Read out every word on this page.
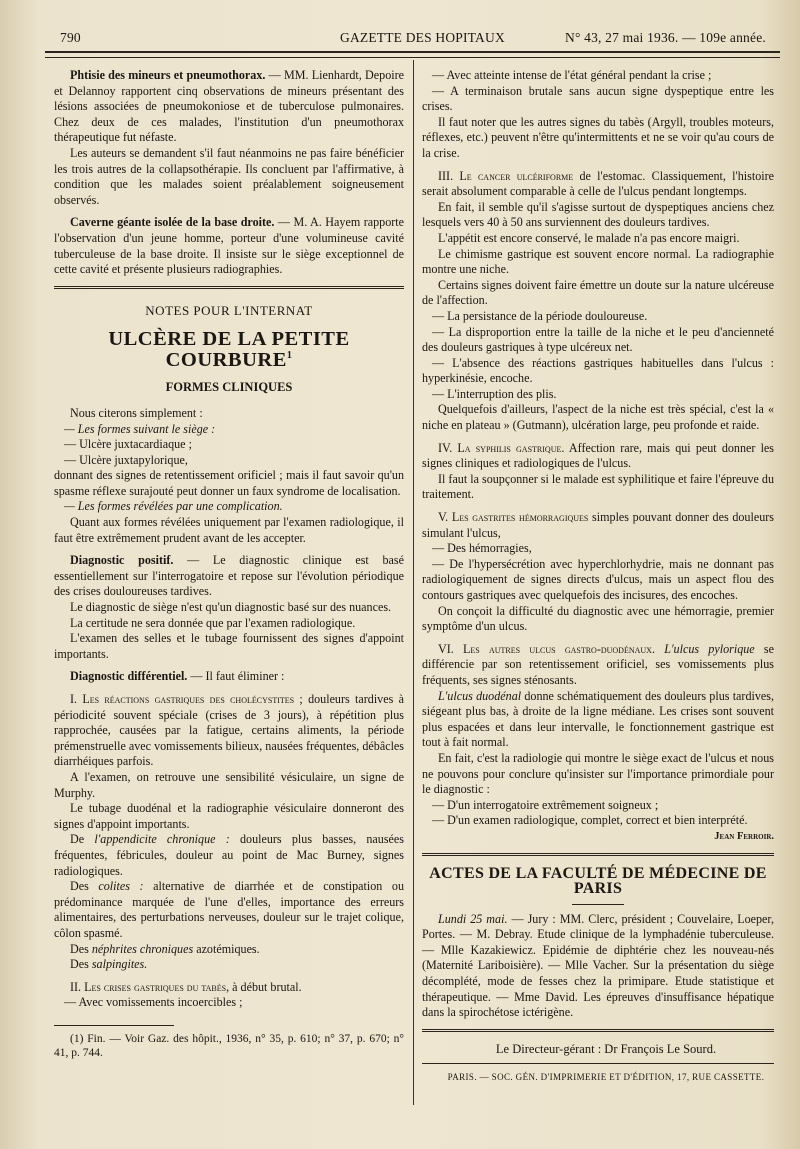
790	GAZETTE DES HOPITAUX	N° 43, 27 mai 1936. — 109e année.

Phtisie des mineurs et pneumothorax. — MM. Lienhardt, Depoire et Delannoy rapportent cinq observations de mineurs présentant des lésions associées de pneumokoniose et de tuberculose pulmonaires. Chez deux de ces malades, l'institution d'un pneumothorax thérapeutique fut néfaste.

Les auteurs se demandent s'il faut néanmoins ne pas faire bénéficier les trois autres de la collapsothérapie. Ils concluent par l'affirmative, à condition que les malades soient préalablement soigneusement observés.

Caverne géante isolée de la base droite. — M. A. Hayem rapporte l'observation d'un jeune homme, porteur d'une volumineuse cavité tuberculeuse de la base droite. Il insiste sur le siège exceptionnel de cette cavité et présente plusieurs radiographies.

NOTES POUR L'INTERNAT

ULCÈRE DE LA PETITE COURBURE$^1$

FORMES CLINIQUES

Nous citerons simplement :

— Les formes suivant le siège :

— Ulcère juxtacardiaque ;

— Ulcère juxtapylorique,

donnant des signes de retentissement orificiel ; mais il faut savoir qu'un spasme réflexe surajouté peut donner un faux syndrome de localisation.

— Les formes révélées par une complication.

Quant aux formes révélées uniquement par l'examen radiologique, il faut être extrêmement prudent avant de les accepter.

Diagnostic positif. — Le diagnostic clinique est basé essentiellement sur l'interrogatoire et repose sur l'évolution périodique des crises douloureuses tardives.

Le diagnostic de siège n'est qu'un diagnostic basé sur des nuances.

La certitude ne sera donnée que par l'examen radiologique.

L'examen des selles et le tubage fournissent des signes d'appoint importants.

Diagnostic différentiel. — Il faut éliminer :

I. Les réactions gastriques des cholécystites ; douleurs tardives à périodicité souvent spéciale (crises de 3 jours), à répétition plus rapprochée, causées par la fatigue, certains aliments, la période prémenstruelle avec vomissements bilieux, nausées fréquentes, débâcles diarrhéiques parfois.

A l'examen, on retrouve une sensibilité vésiculaire, un signe de Murphy.

Le tubage duodénal et la radiographie vésiculaire donneront des signes d'appoint importants.

De l'appendicite chronique : douleurs plus basses, nausées fréquentes, fébricules, douleur au point de Mac Burney, signes radiologiques.

Des colites : alternative de diarrhée et de constipation ou prédominance marquée de l'une d'elles, importance des erreurs alimentaires, des perturbations nerveuses, douleur sur le trajet colique, côlon spasmé.

Des néphrites chroniques azotémiques.

Des salpingites.

II. Les crises gastriques du tabès, à début brutal.

— Avec vomissements incoercibles ;

(1) Fin. — Voir Gaz. des hôpit., 1936, n° 35, p. 610; n° 37, p. 670; n° 41, p. 744.

— Avec atteinte intense de l'état général pendant la crise ;

— A terminaison brutale sans aucun signe dyspeptique entre les crises.

Il faut noter que les autres signes du tabès (Argyll, troubles moteurs, réflexes, etc.) peuvent n'être qu'intermittents et ne se voir qu'au cours de la crise.

III. Le cancer ulcériforme de l'estomac. Classiquement, l'histoire serait absolument comparable à celle de l'ulcus pendant longtemps.

En fait, il semble qu'il s'agisse surtout de dyspeptiques anciens chez lesquels vers 40 à 50 ans surviennent des douleurs tardives.

L'appétit est encore conservé, le malade n'a pas encore maigri.

Le chimisme gastrique est souvent encore normal. La radiographie montre une niche.

Certains signes doivent faire émettre un doute sur la nature ulcéreuse de l'affection.

— La persistance de la période douloureuse.

— La disproportion entre la taille de la niche et le peu d'ancienneté des douleurs gastriques à type ulcéreux net.

— L'absence des réactions gastriques habituelles dans l'ulcus : hyperkinésie, encoche.

— L'interruption des plis.

Quelquefois d'ailleurs, l'aspect de la niche est très spécial, c'est la « niche en plateau » (Gutmann), ulcération large, peu profonde et raide.

IV. La syphilis gastrique. Affection rare, mais qui peut donner les signes cliniques et radiologiques de l'ulcus.

Il faut la soupçonner si le malade est syphilitique et faire l'épreuve du traitement.

V. Les gastrites hémorragiques simples pouvant donner des douleurs simulant l'ulcus,

— Des hémorragies,

— De l'hypersécrétion avec hyperchlorhydrie, mais ne donnant pas radiologiquement de signes directs d'ulcus, mais un aspect flou des contours gastriques avec quelquefois des incisures, des encoches.

On conçoit la difficulté du diagnostic avec une hémorragie, premier symptôme d'un ulcus.

VI. Les autres ulcus gastro-duodénaux. L'ulcus pylorique se différencie par son retentissement orificiel, ses vomissements plus fréquents, ses signes sténosants.

L'ulcus duodénal donne schématiquement des douleurs plus tardives, siégeant plus bas, à droite de la ligne médiane. Les crises sont souvent plus espacées et dans leur intervalle, le fonctionnement gastrique est tout à fait normal.

En fait, c'est la radiologie qui montre le siège exact de l'ulcus et nous ne pouvons pour conclure qu'insister sur l'importance primordiale pour le diagnostic :

— D'un interrogatoire extrêmement soigneux ;

— D'un examen radiologique, complet, correct et bien interprété.

Jean Ferroir.

ACTES DE LA FACULTÉ DE MÉDECINE DE PARIS

Lundi 25 mai. — Jury : MM. Clerc, président ; Couvelaire, Loeper, Portes. — M. Debray. Etude clinique de la lymphadénie tuberculeuse. — Mlle Kazakiewicz. Epidémie de diphtérie chez les nouveau-nés (Maternité Lariboisière). — Mlle Vacher. Sur la présentation du siège décomplété, mode de fesses chez la primipare. Etude statistique et thérapeutique. — Mme David. Les épreuves d'insuffisance hépatique dans la spirochétose ictérigène.

Le Directeur-gérant : Dr François Le Sourd.

PARIS. — SOC. GÉN. D'IMPRIMERIE ET D'ÉDITION, 17, RUE CASSETTE.
